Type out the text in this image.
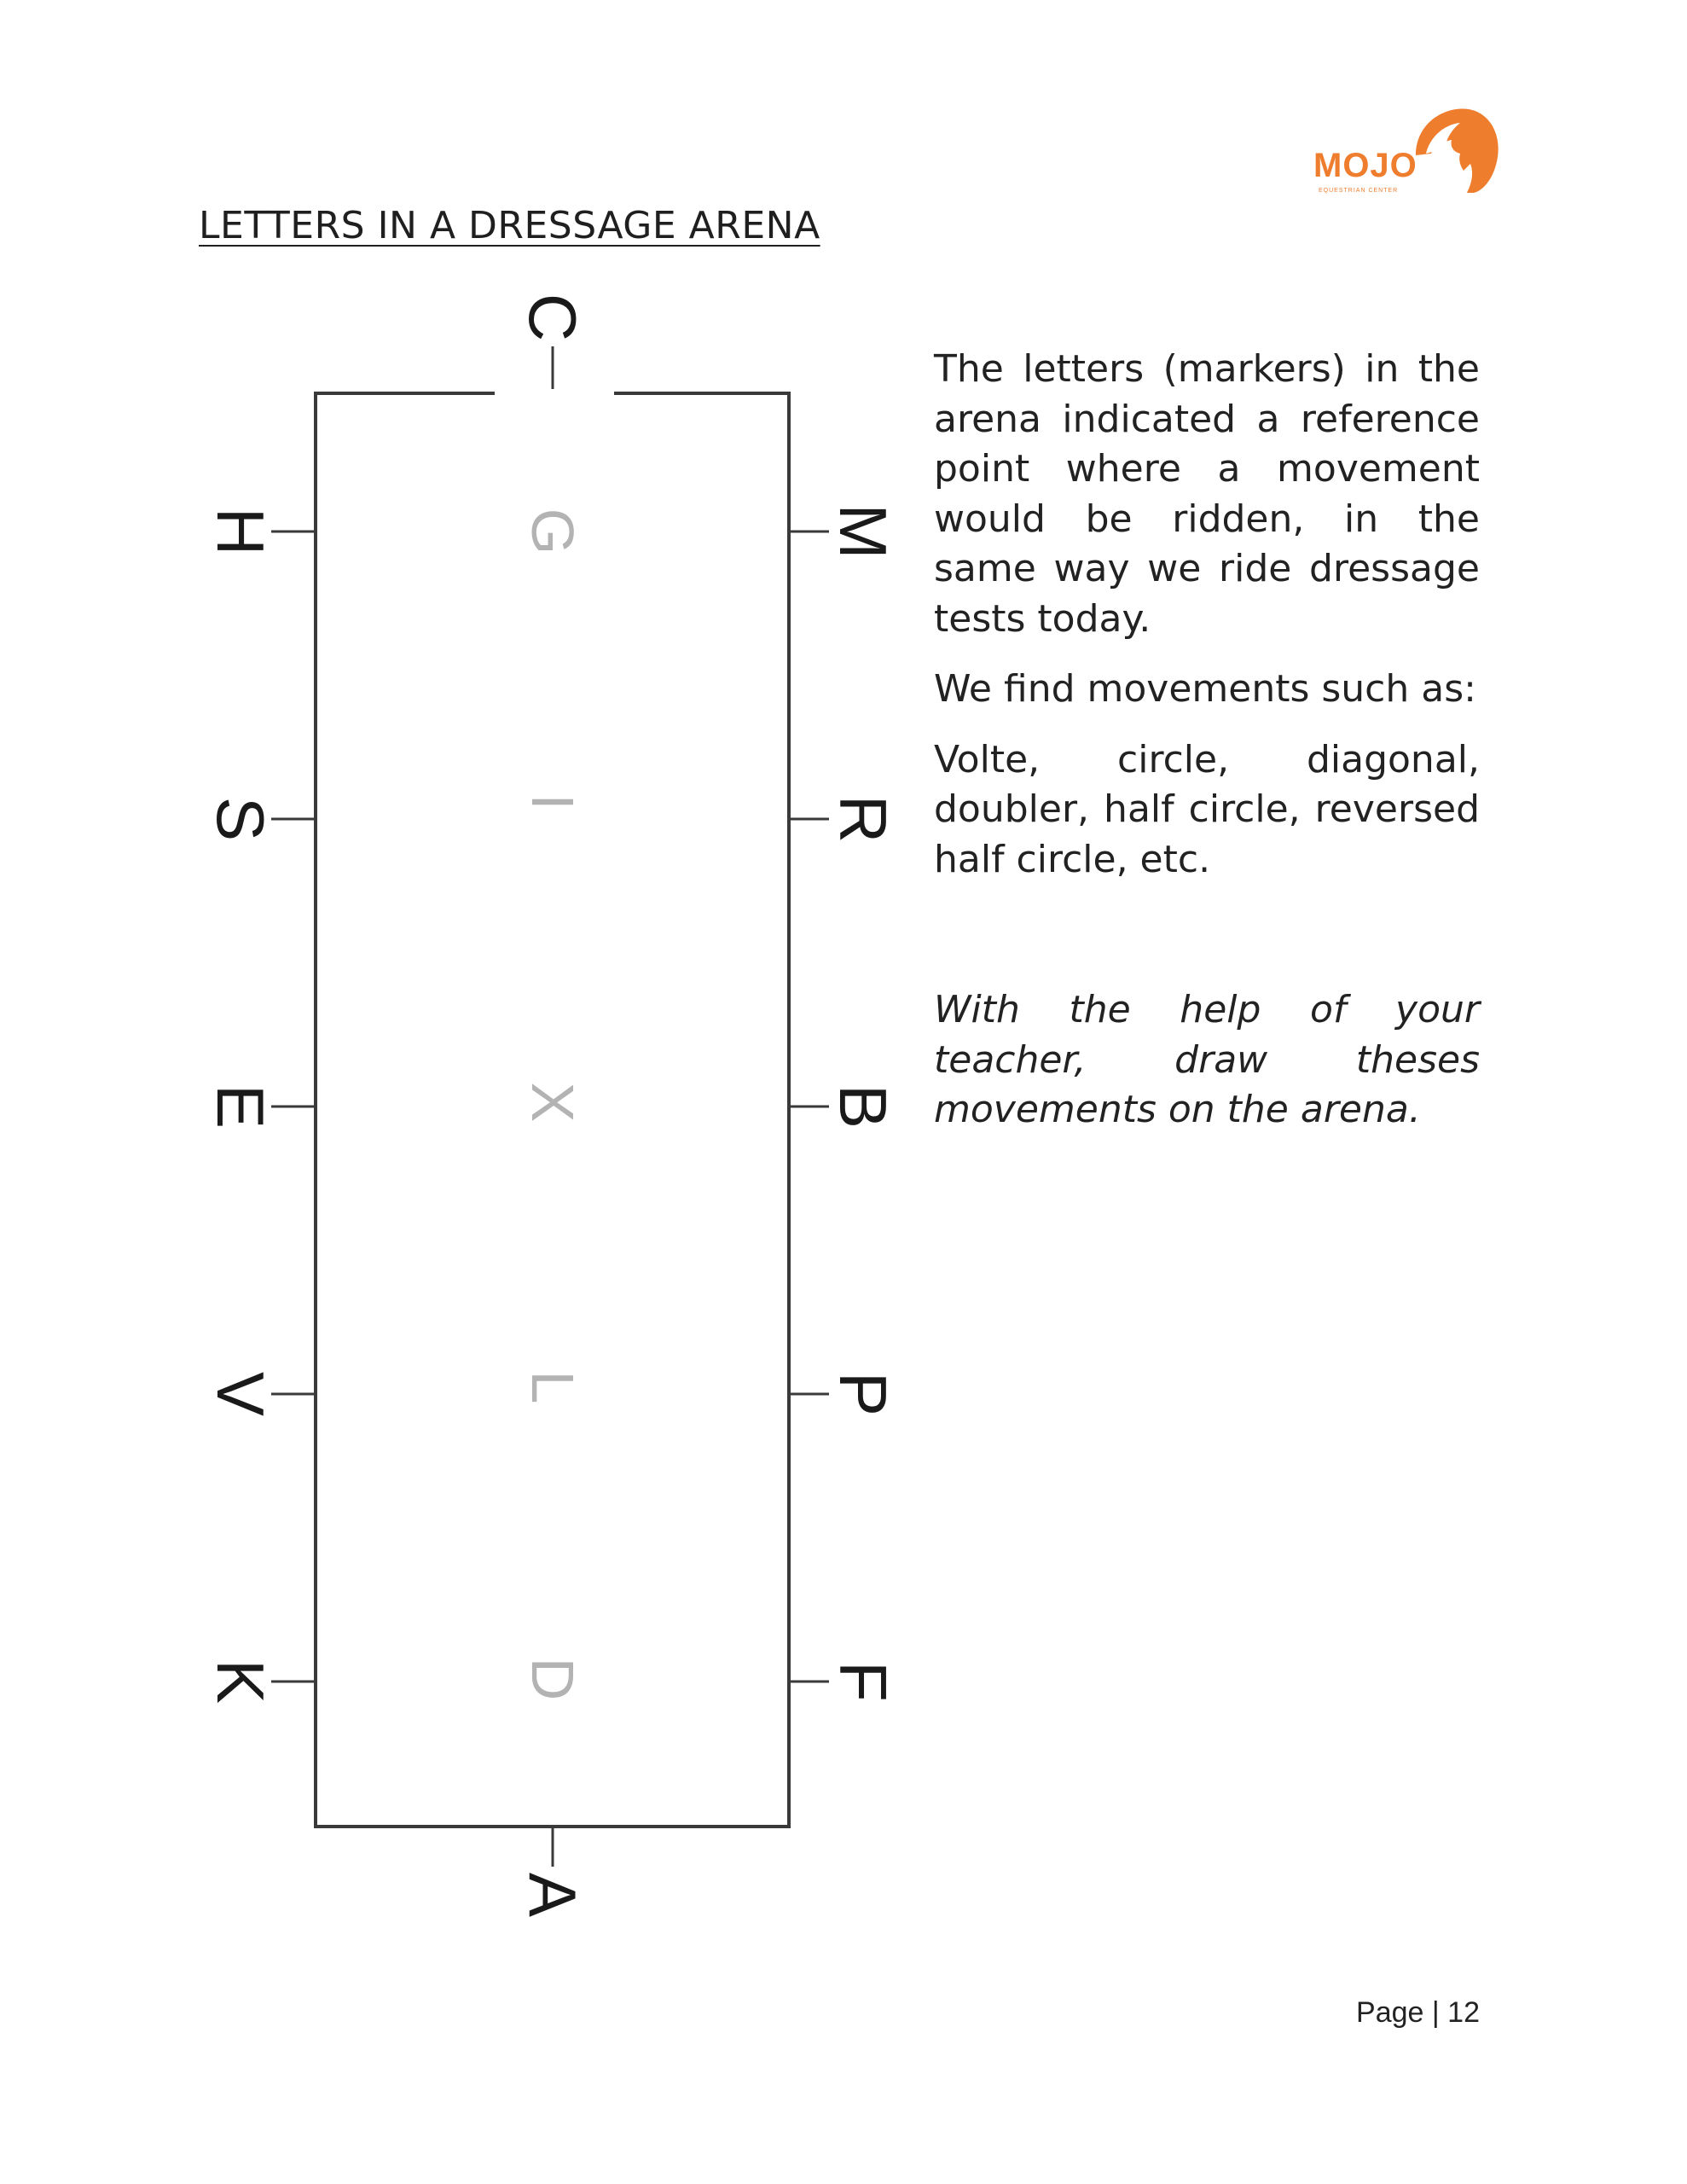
MOJO
EQUESTRIAN CENTER
LETTERS IN A DRESSAGE ARENA
C
A
H
S
E
V
K
M
R
B
P
F
G
I
X
L
D

The letters (markers) in the arena indicated a reference point where a movement would be ridden, in the same way we ride dressage tests today.

We find movements such as:

Volte, circle, diagonal, doubler, half circle, reversed half circle, etc.

With the help of your teacher, draw theses movements on the arena.

Page | 12
